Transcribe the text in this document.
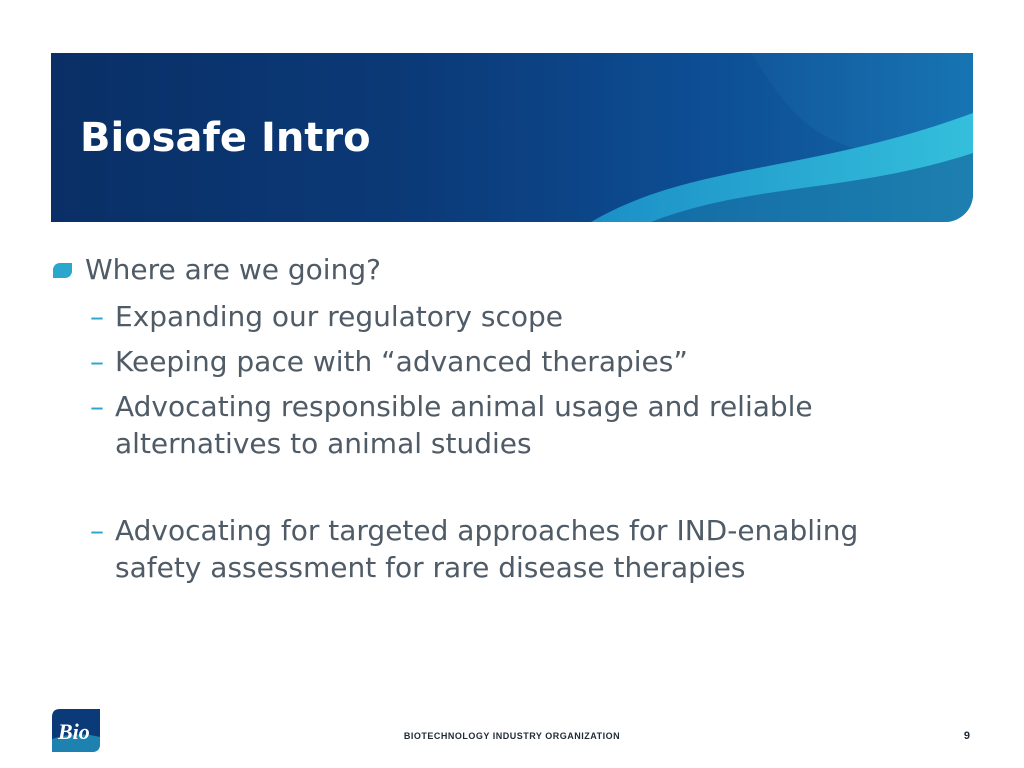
Biosafe Intro

Where are we going?

– Expanding our regulatory scope

– Keeping pace with “advanced therapies”

– Advocating responsible animal usage and reliable alternatives to animal studies

– Advocating for targeted approaches for IND-enabling safety assessment for rare disease therapies

Bio	BIOTECHNOLOGY INDUSTRY ORGANIZATION	9
